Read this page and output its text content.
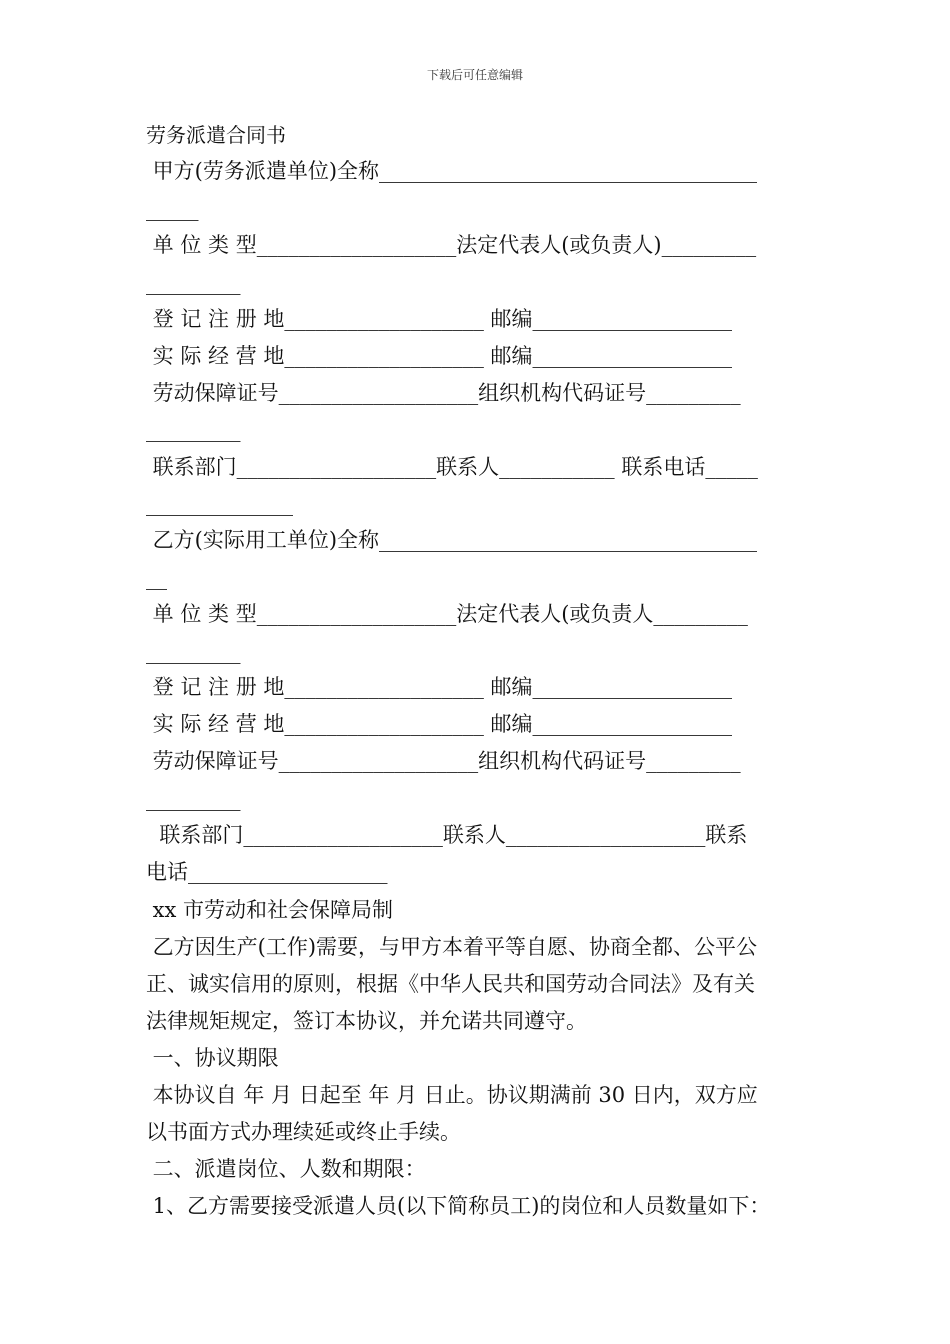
下载后可任意编辑
劳务派遣合同书
甲方(劳务派遣单位)全称____________________________________
_____
单 位 类 型___________________法定代表人(或负责人)_________
_________
登 记 注 册 地___________________ 邮编___________________
实 际 经 营 地___________________ 邮编___________________
劳动保障证号___________________组织机构代码证号_________
_________
联系部门___________________联系人___________ 联系电话_____
______________
乙方(实际用工单位)全称____________________________________
__
单 位 类 型___________________法定代表人(或负责人_________
_________
登 记 注 册 地___________________ 邮编___________________
实 际 经 营 地___________________ 邮编___________________
劳动保障证号___________________组织机构代码证号_________
_________
联系部门___________________联系人___________________联系
电话___________________
xx 市劳动和社会保障局制
乙方因生产(工作)需要，与甲方本着平等自愿、协商全都、公平公
正、诚实信用的原则，根据《中华人民共和国劳动合同法》及有关
法律规矩规定，签订本协议，并允诺共同遵守。
一、协议期限
本协议自 年 月 日起至 年 月 日止。协议期满前 30 日内，双方应
以书面方式办理续延或终止手续。
二、派遣岗位、人数和期限：
1、乙方需要接受派遣人员(以下简称员工)的岗位和人员数量如下：
